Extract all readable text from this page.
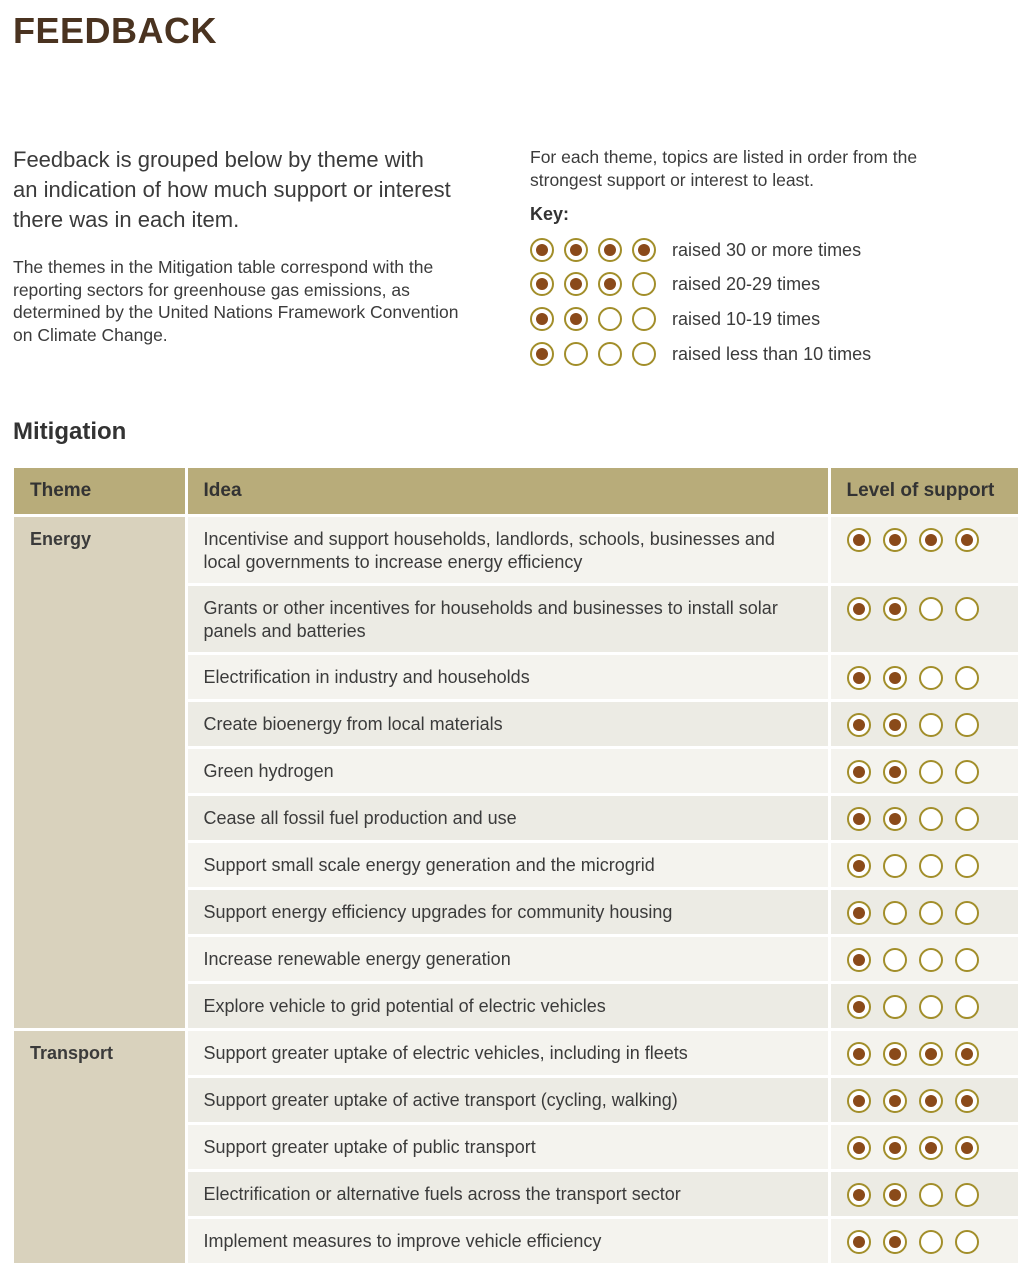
FEEDBACK

Feedback is grouped below by theme with an indication of how much support or interest there was in each item.

The themes in the Mitigation table correspond with the reporting sectors for greenhouse gas emissions, as determined by the United Nations Framework Convention on Climate Change.

For each theme, topics are listed in order from the strongest support or interest to least.

Key:
raised 30 or more times
raised 20-29 times
raised 10-19 times
raised less than 10 times
Mitigation
Theme	Idea	Level of support
Energy	Incentivise and support households, landlords, schools, businesses and local governments to increase energy efficiency	

	Grants or other incentives for households and businesses to install solar panels and batteries	

	Electrification in industry and households	

	Create bioenergy from local materials	

	Green hydrogen	

	Cease all fossil fuel production and use	

	Support small scale energy generation and the microgrid	

	Support energy efficiency upgrades for community housing	

	Increase renewable energy generation	

	Explore vehicle to grid potential of electric vehicles	

Transport	Support greater uptake of electric vehicles, including in fleets	

	Support greater uptake of active transport (cycling, walking)	

	Support greater uptake of public transport	

	Electrification or alternative fuels across the transport sector	

	Implement measures to improve vehicle efficiency	
